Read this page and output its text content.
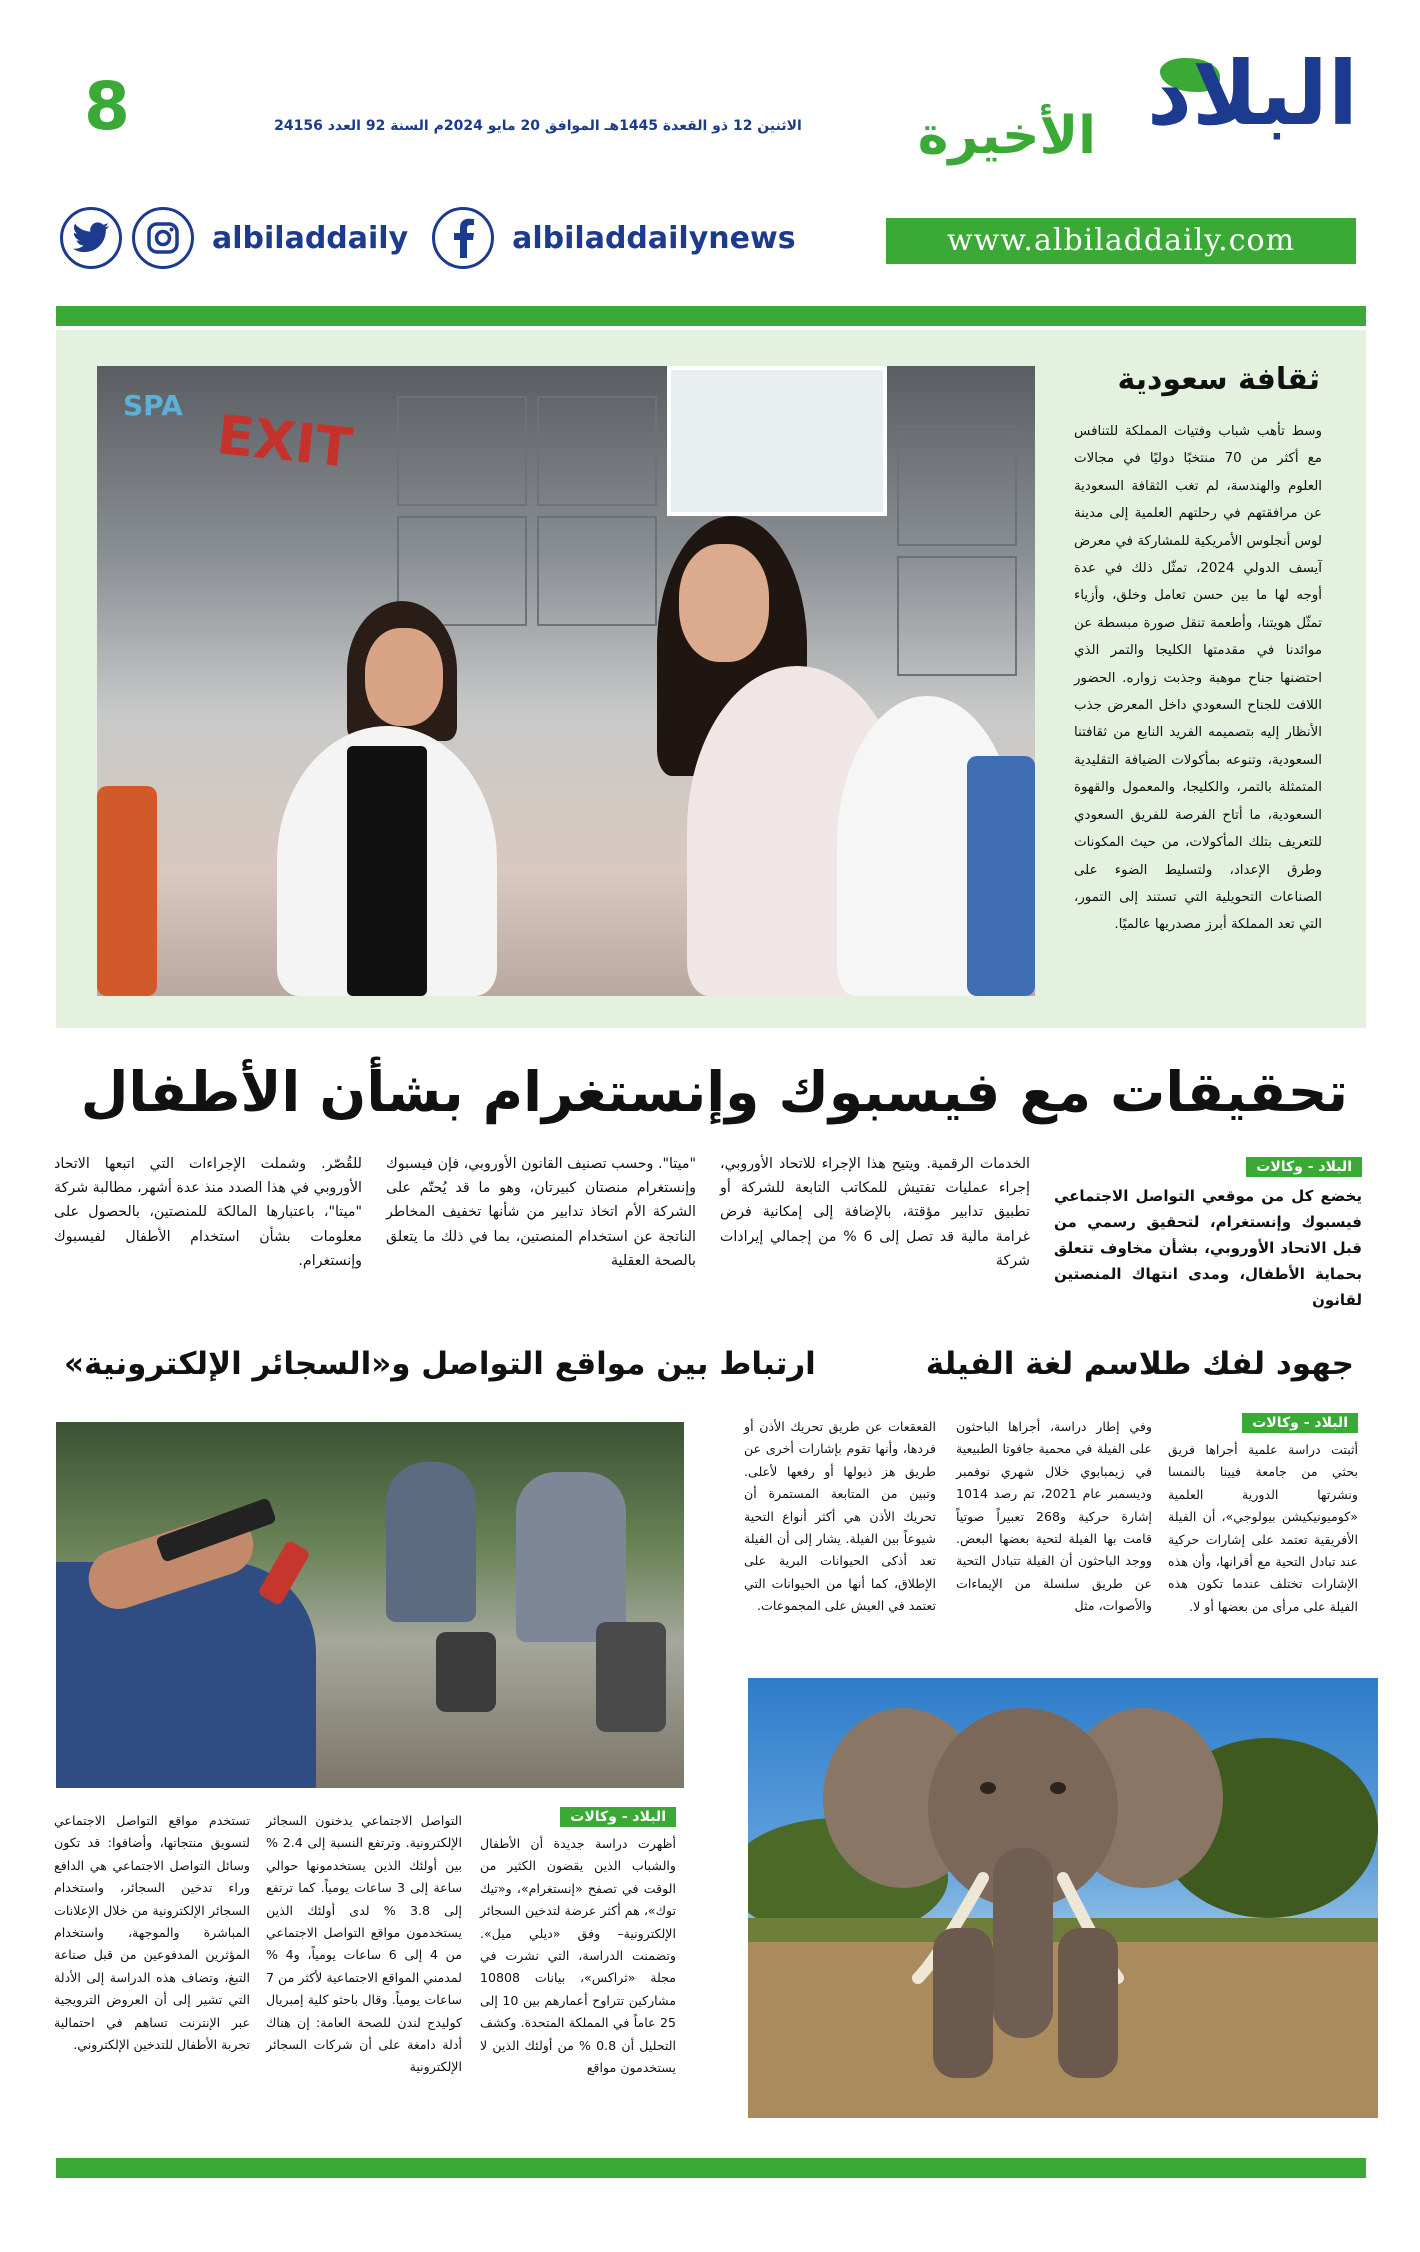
البلاد
الأخيرة
8	الاثنين 12 ذو القعدة 1445هـ الموافق 20 مايو 2024م السنة 92 العدد 24156
www.albiladdaily.com
albiladdaily	albiladdailynews
SPA EXIT
ثقافة سعودية
وسط تأهب شباب وفتيات المملكة للتنافس مع أكثر من 70 منتخبًا دوليًا في مجالات العلوم والهندسة، لم تغب الثقافة السعودية عن مرافقتهم في رحلتهم العلمية إلى مدينة لوس أنجلوس الأمريكية للمشاركة في معرض آيسف الدولي 2024، تمثّل ذلك في عدة أوجه لها ما بين حسن تعامل وخلق، وأزياء تمثّل هويتنا، وأطعمة تنقل صورة مبسطة عن موائدنا في مقدمتها الكليجا والتمر الذي احتضنها جناح موهبة وجذبت زواره. الحضور اللافت للجناح السعودي داخل المعرض جذب الأنظار إليه بتصميمه الفريد النابع من ثقافتنا السعودية، وتنوعه بمأكولات الضيافة التقليدية المتمثلة بالتمر، والكليجا، والمعمول والقهوة السعودية، ما أتاح الفرصة للفريق السعودي للتعريف بتلك المأكولات، من حيث المكونات وطرق الإعداد، ولتسليط الضوء على الصناعات التحويلية التي تستند إلى التمور، التي تعد المملكة أبرز مصدريها عالميًا.
تحقيقات مع فيسبوك وإنستغرام بشأن الأطفال
البلاد - وكالات
يخضع كل من موقعي التواصل الاجتماعي فيسبوك وإنستغرام، لتحقيق رسمي من قبل الاتحاد الأوروبي، بشأن مخاوف تتعلق بحماية الأطفال، ومدى انتهاك المنصتين لقانون
الخدمات الرقمية. ويتيح هذا الإجراء للاتحاد الأوروبي، إجراء عمليات تفتيش للمكاتب التابعة للشركة أو تطبيق تدابير مؤقتة، بالإضافة إلى إمكانية فرض غرامة مالية قد تصل إلى 6 % من إجمالي إيرادات شركة
"ميتا". وحسب تصنيف القانون الأوروبي، فإن فيسبوك وإنستغرام منصتان كبيرتان، وهو ما قد يُحتّم على الشركة الأم اتخاذ تدابير من شأنها تخفيف المخاطر الناتجة عن استخدام المنصتين، بما في ذلك ما يتعلق بالصحة العقلية
للقُصّر. وشملت الإجراءات التي اتبعها الاتحاد الأوروبي في هذا الصدد منذ عدة أشهر، مطالبة شركة "ميتا"، باعتبارها المالكة للمنصتين، بالحصول على معلومات بشأن استخدام الأطفال لفيسبوك وإنستغرام.
جهود لفك طلاسم لغة الفيلة
البلاد - وكالات
أثبتت دراسة علمية أجراها فريق بحثي من جامعة فيينا بالنمسا ونشرتها الدورية العلمية «كوميونيكيشن بيولوجي»، أن الفيلة الأفريقية تعتمد على إشارات حركية عند تبادل التحية مع أقرانها، وأن هذه الإشارات تختلف عندما تكون هذه الفيلة على مرأى من بعضها أو لا.
وفي إطار دراسة، أجراها الباحثون على الفيلة في محمية جافوتا الطبيعية في زيمبابوي خلال شهري نوفمبر وديسمبر عام 2021، تم رصد 1014 إشارة حركية و268 تعبيراً صوتياً قامت بها الفيلة لتحية بعضها البعض. ووجد الباحثون أن الفيلة تتبادل التحية عن طريق سلسلة من الإيماءات والأصوات، مثل
القعقعات عن طريق تحريك الأذن أو فردها، وأنها تقوم بإشارات أخرى عن طريق هز ذيولها أو رفعها لأعلى. وتبين من المتابعة المستمرة أن تحريك الأذن هي أكثر أنواع التحية شيوعاً بين الفيلة. يشار إلى أن الفيلة تعد أذكى الحيوانات البرية على الإطلاق، كما أنها من الحيوانات التي تعتمد في العيش على المجموعات.
ارتباط بين مواقع التواصل و«السجائر الإلكترونية»
البلاد - وكالات
أظهرت دراسة جديدة أن الأطفال والشباب الذين يقضون الكثير من الوقت في تصفح «إنستغرام»، و«تيك توك»، هم أكثر عرضة لتدخين السجائر الإلكترونية– وفق «ديلي ميل». وتضمنت الدراسة، التي نشرت في مجلة «ثراكس»، بيانات 10808 مشاركين تتراوح أعمارهم بين 10 إلى 25 عاماً في المملكة المتحدة. وكشف التحليل أن 0.8 % من أولئك الذين لا يستخدمون مواقع
التواصل الاجتماعي يدخنون السجائر الإلكترونية. وترتفع النسبة إلى 2.4 % بين أولئك الذين يستخدمونها حوالي ساعة إلى 3 ساعات يومياً. كما ترتفع إلى 3.8 % لدى أولئك الذين يستخدمون مواقع التواصل الاجتماعي من 4 إلى 6 ساعات يومياً، و4 % لمدمني المواقع الاجتماعية لأكثر من 7 ساعات يومياً. وقال باحثو كلية إمبريال كوليدج لندن للصحة العامة: إن هناك أدلة دامغة على أن شركات السجائر الإلكترونية
تستخدم مواقع التواصل الاجتماعي لتسويق منتجاتها، وأضافوا: قد تكون وسائل التواصل الاجتماعي هي الدافع وراء تدخين السجائر، واستخدام السجائر الإلكترونية من خلال الإعلانات المباشرة والموجهة، واستخدام المؤثرين المدفوعين من قبل صناعة التبغ، وتضاف هذه الدراسة إلى الأدلة التي تشير إلى أن العروض الترويجية عبر الإنترنت تساهم في احتمالية تجربة الأطفال للتدخين الإلكتروني.
